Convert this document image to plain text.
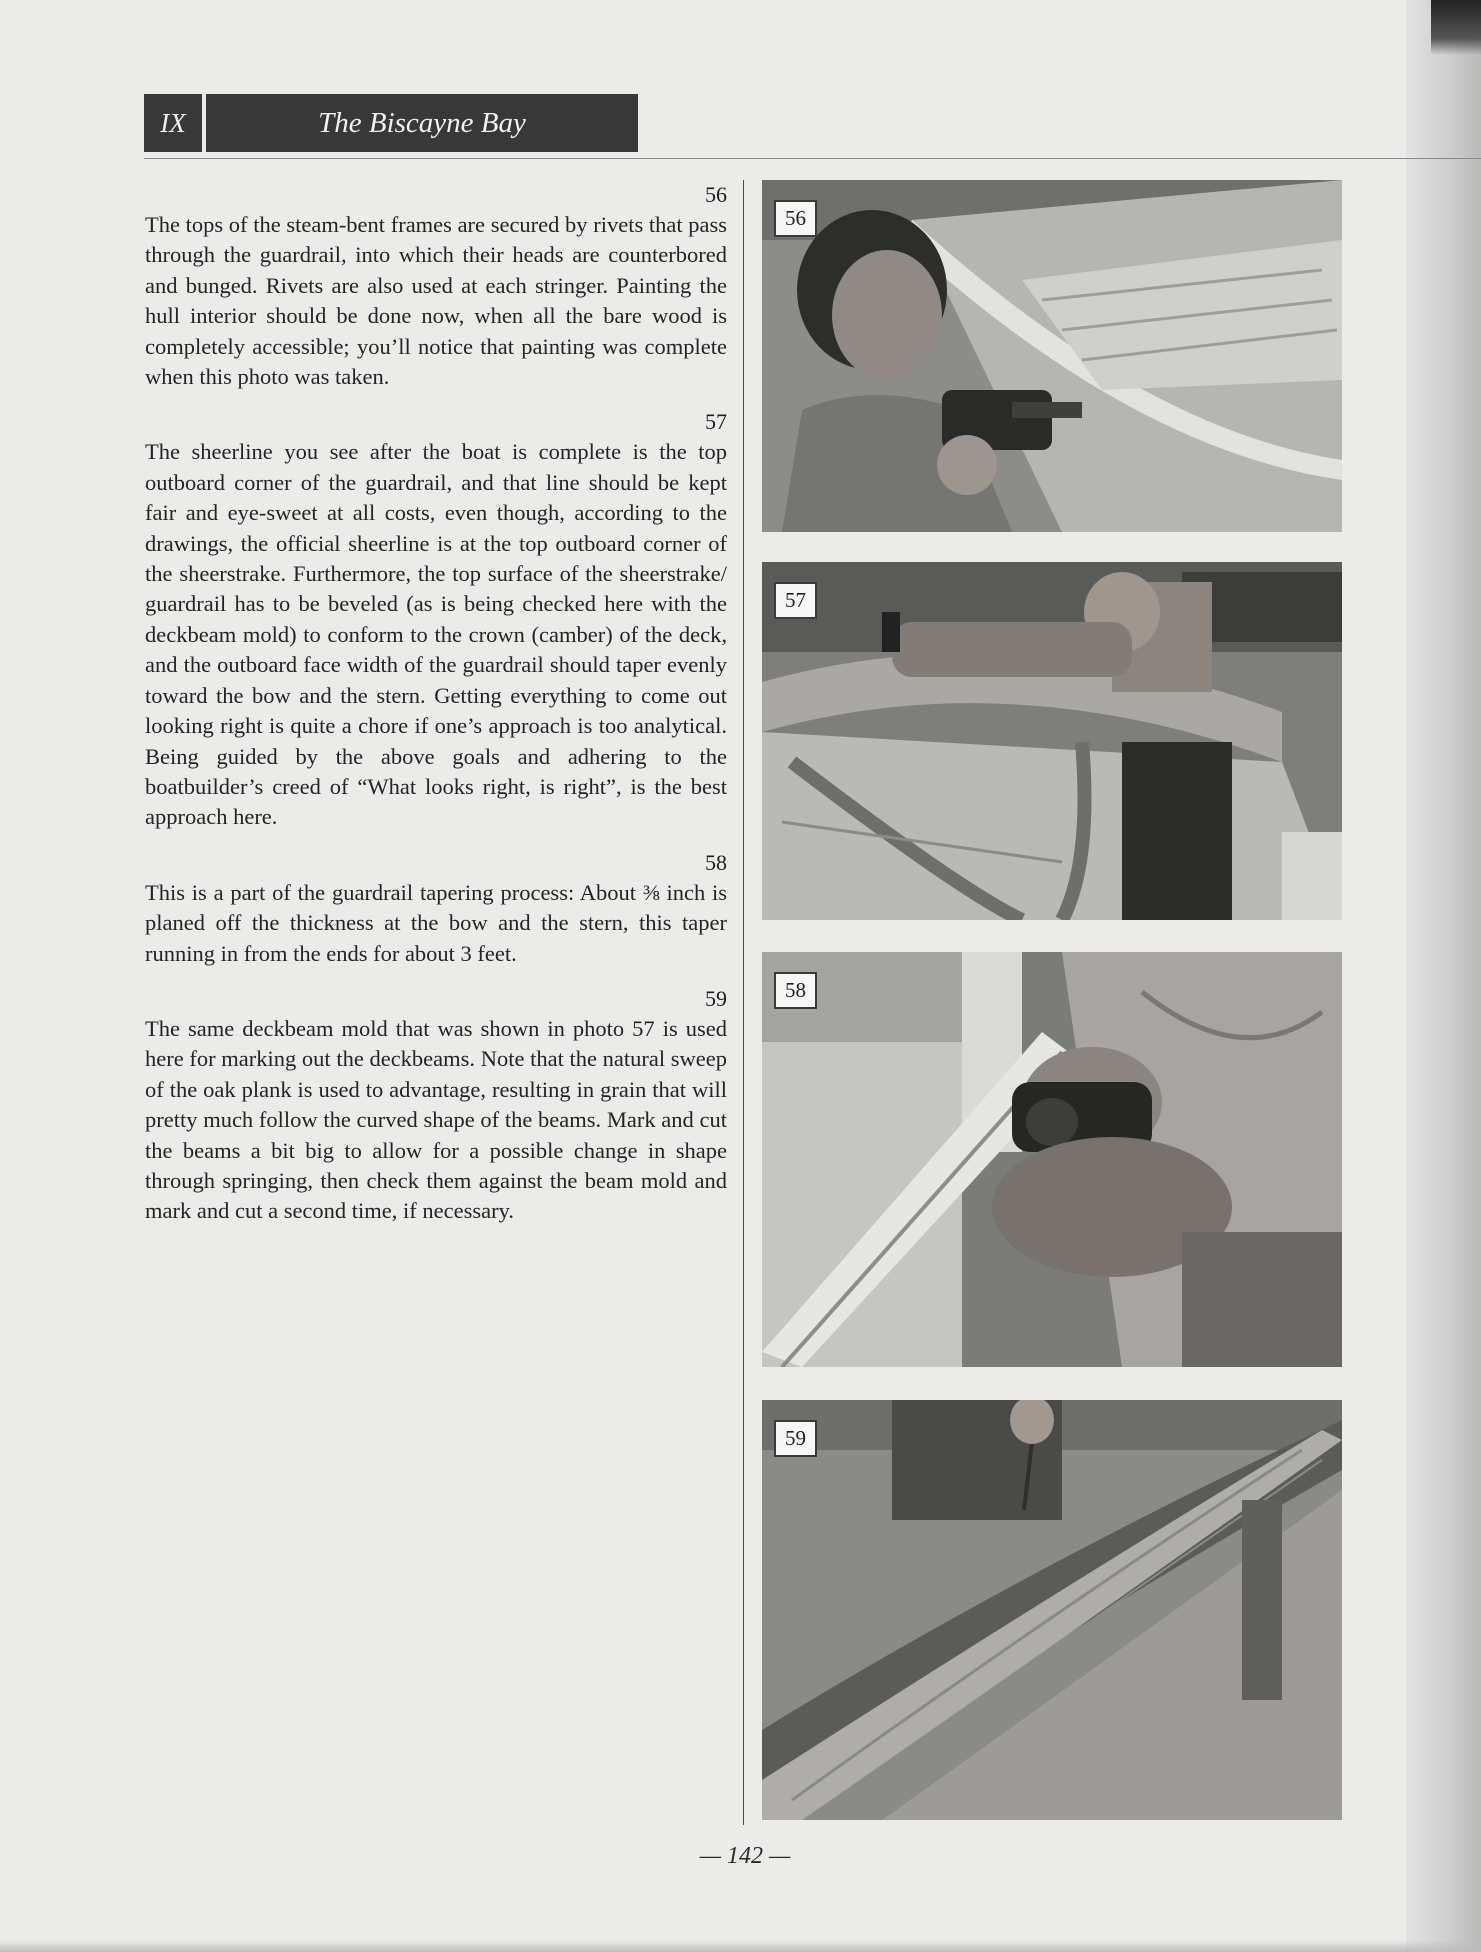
IX	The Biscayne Bay
56

The tops of the steam-bent frames are secured by rivets that pass through the guardrail, into which their heads are counterbored and bunged. Rivets are also used at each stringer. Painting the hull interior should be done now, when all the bare wood is completely accessible; you’ll notice that painting was complete when this photo was taken.

57

The sheerline you see after the boat is complete is the top outboard corner of the guardrail, and that line should be kept fair and eye-sweet at all costs, even though, according to the drawings, the official sheerline is at the top outboard corner of the sheerstrake. Furthermore, the top surface of the sheerstrake/ guardrail has to be beveled (as is being checked here with the deckbeam mold) to conform to the crown (camber) of the deck, and the outboard face width of the guardrail should taper evenly toward the bow and the stern. Getting everything to come out looking right is quite a chore if one’s approach is too analytical. Being guided by the above goals and adhering to the boatbuilder’s creed of “What looks right, is right”, is the best approach here.

58

This is a part of the guardrail tapering process: About ⅜ inch is planed off the thickness at the bow and the stern, this taper running in from the ends for about 3 feet.

59

The same deckbeam mold that was shown in photo 57 is used here for marking out the deckbeams. Note that the natural sweep of the oak plank is used to advantage, resulting in grain that will pretty much follow the curved shape of the beams. Mark and cut the beams a bit big to allow for a possible change in shape through springing, then check them against the beam mold and mark and cut a second time, if necessary.

56
57
58
59
— 142 —
